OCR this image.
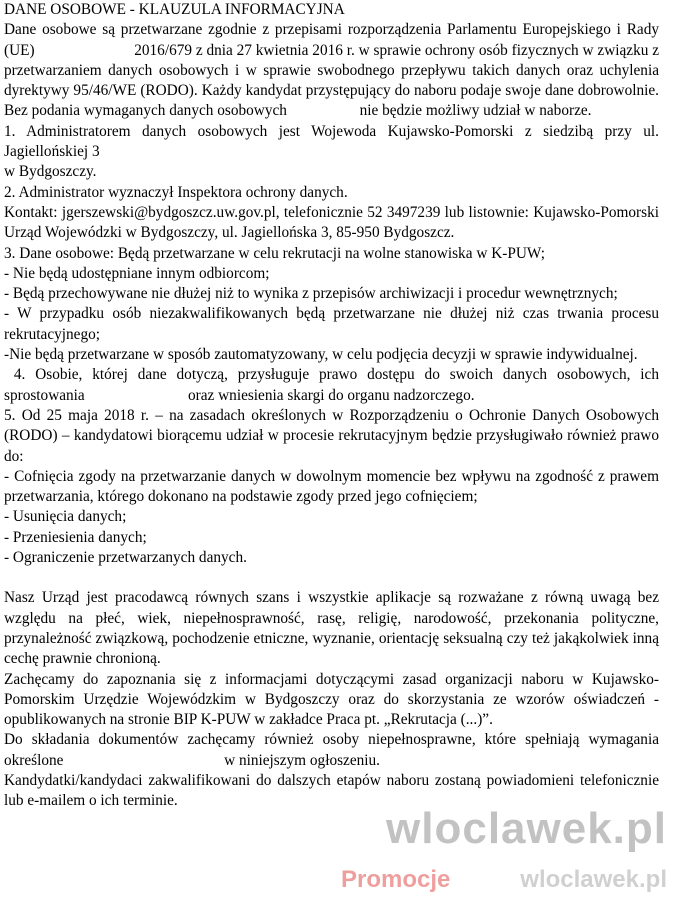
DANE OSOBOWE - KLAUZULA INFORMACYJNA

Dane osobowe są przetwarzane zgodnie z przepisami rozporządzenia Parlamentu Europejskiego i Rady (UE)                          2016/679 z dnia 27 kwietnia 2016 r. w sprawie ochrony osób fizycznych w związku z przetwarzaniem danych osobowych i w sprawie swobodnego przepływu takich danych oraz uchylenia dyrektywy 95/46/WE (RODO). Każdy kandydat przystępujący do naboru podaje swoje dane dobrowolnie. Bez podania wymaganych danych osobowych                   nie będzie możliwy udział w naborze.

1. Administratorem danych osobowych jest Wojewoda Kujawsko-Pomorski z siedzibą przy ul. Jagiellońskiej 3

w Bydgoszczy.

2. Administrator wyznaczył Inspektora ochrony danych.

Kontakt: jgerszewski@bydgoszcz.uw.gov.pl, telefonicznie 52 3497239 lub listownie: Kujawsko-Pomorski Urząd Wojewódzki w Bydgoszczy, ul. Jagiellońska 3, 85-950 Bydgoszcz.

3. Dane osobowe: Będą przetwarzane w celu rekrutacji na wolne stanowiska w K-PUW;

- Nie będą udostępniane innym odbiorcom;

- Będą przechowywane nie dłużej niż to wynika z przepisów archiwizacji i procedur wewnętrznych;

- W przypadku osób niezakwalifikowanych będą przetwarzane nie dłużej niż czas trwania procesu rekrutacyjnego;

-Nie będą przetwarzane w sposób zautomatyzowany, w celu podjęcia decyzji w sprawie indywidualnej.

4. Osobie, której dane dotyczą, przysługuje prawo dostępu do swoich danych osobowych, ich sprostowania                           oraz wniesienia skargi do organu nadzorczego.

5. Od 25 maja 2018 r. – na zasadach określonych w Rozporządzeniu o Ochronie Danych Osobowych (RODO) – kandydatowi biorącemu udział w procesie rekrutacyjnym będzie przysługiwało również prawo do:

- Cofnięcia zgody na przetwarzanie danych w dowolnym momencie bez wpływu na zgodność z prawem przetwarzania, którego dokonano na podstawie zgody przed jego cofnięciem;

- Usunięcia danych;

- Przeniesienia danych;

- Ograniczenie przetwarzanych danych.

Nasz Urząd jest pracodawcą równych szans i wszystkie aplikacje są rozważane z równą uwagą bez względu na płeć, wiek, niepełnosprawność, rasę, religię, narodowość, przekonania polityczne, przynależność związkową, pochodzenie etniczne, wyznanie, orientację seksualną czy też jakąkolwiek inną cechę prawnie chronioną.

Zachęcamy do zapoznania się z informacjami dotyczącymi zasad organizacji naboru w Kujawsko-Pomorskim Urzędzie Wojewódzkim w Bydgoszczy oraz do skorzystania ze wzorów oświadczeń - opublikowanych na stronie BIP K-PUW w zakładce Praca pt. „Rekrutacja (...)”.

Do składania dokumentów zachęcamy również osoby niepełnosprawne, które spełniają wymagania określone                                          w niniejszym ogłoszeniu.

Kandydatki/kandydaci zakwalifikowani do dalszych etapów naboru zostaną powiadomieni telefonicznie lub e-mailem o ich terminie.

wloclawek.pl
Promocje	wloclawek.pl
